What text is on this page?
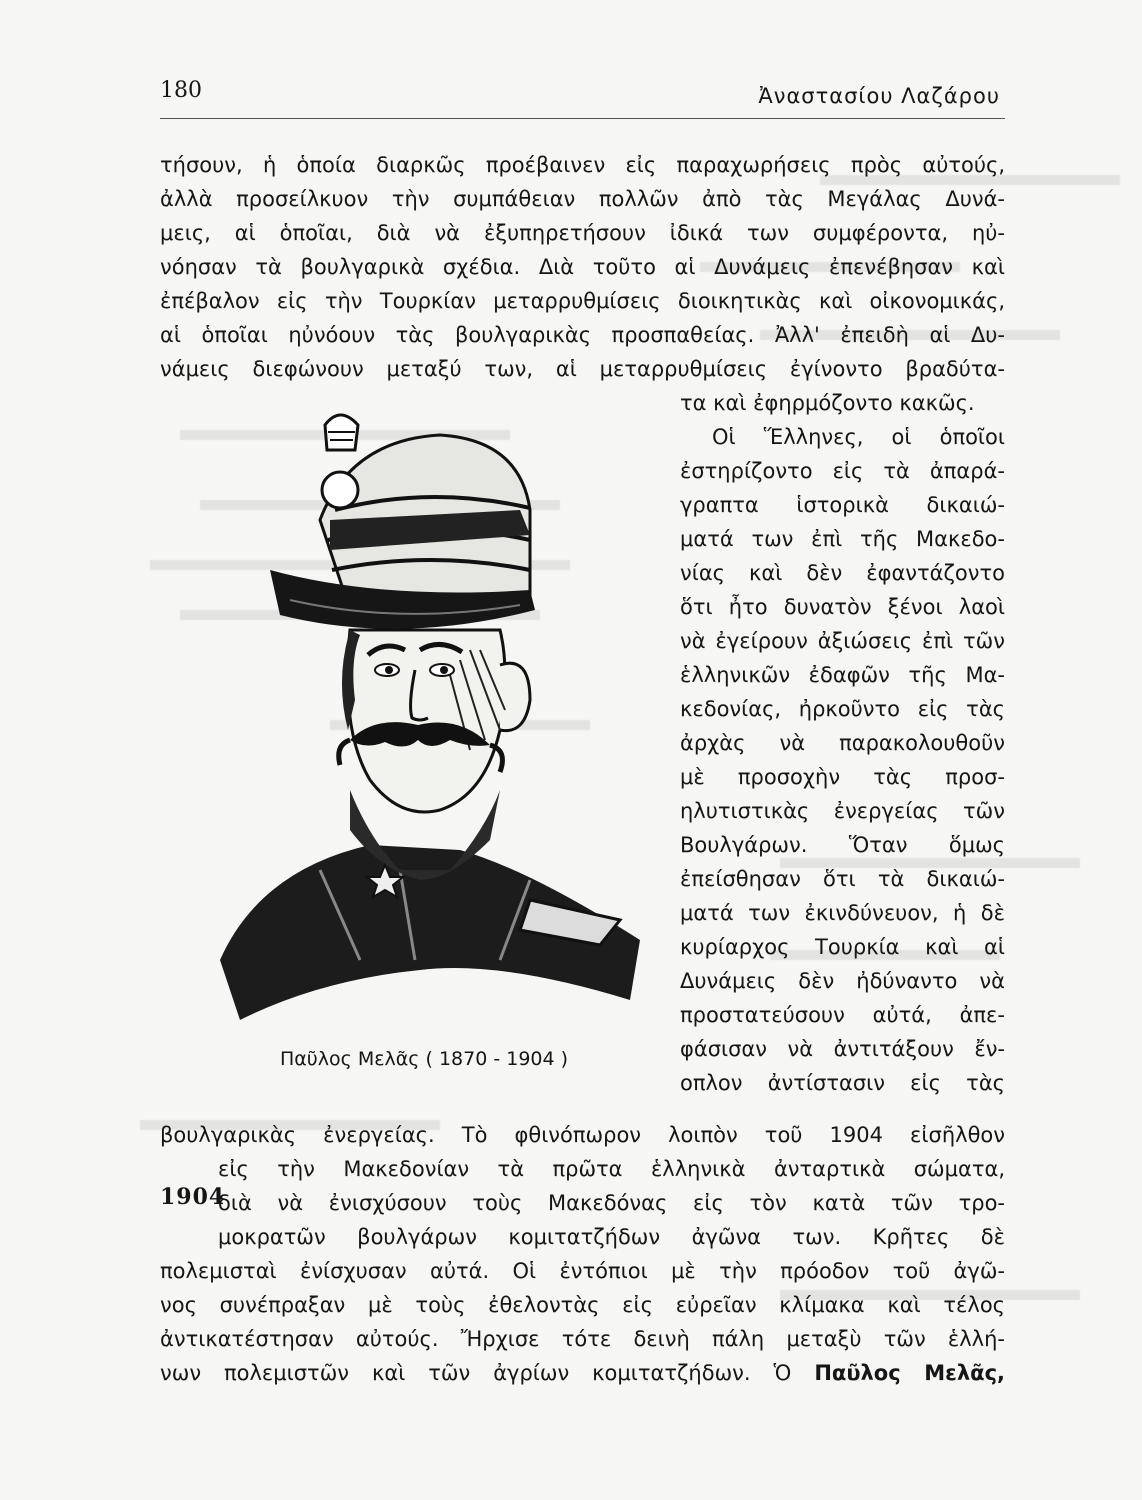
180	Ἀναστασίου Λαζάρου
τήσουν, ἡ ὁποία διαρκῶς προέβαινεν εἰς παραχωρήσεις πρὸς αὐτούς,
ἀλλὰ προσείλκυον τὴν συμπάθειαν πολλῶν ἀπὸ τὰς Μεγάλας Δυνά-
μεις, αἱ ὁποῖαι, διὰ νὰ ἐξυπηρετήσουν ἰδικά των συμφέροντα, ηὐ-
νόησαν τὰ βουλγαρικὰ σχέδια. Διὰ τοῦτο αἱ Δυνάμεις ἐπενέβησαν καὶ
ἐπέβαλον εἰς τὴν Τουρκίαν μεταρρυθμίσεις διοικητικὰς καὶ οἰκονομικάς,
αἱ ὁποῖαι ηὐνόουν τὰς βουλγαρικὰς προσπαθείας. Ἀλλ' ἐπειδὴ αἱ Δυ-
νάμεις διεφώνουν μεταξύ των, αἱ μεταρρυθμίσεις ἐγίνοντο βραδύτα-
τα καὶ ἐφηρμόζοντο κακῶς.
Οἱ Ἕλληνες, οἱ ὁποῖοι
ἐστηρίζοντο εἰς τὰ ἀπαρά-
γραπτα ἱστορικὰ δικαιώ-
ματά των ἐπὶ τῆς Μακεδο-
νίας καὶ δὲν ἐφαντάζοντο
ὅτι ἦτο δυνατὸν ξένοι λαοὶ
νὰ ἐγείρουν ἀξιώσεις ἐπὶ τῶν
ἑλληνικῶν ἐδαφῶν τῆς Μα-
κεδονίας, ἠρκοῦντο εἰς τὰς
ἀρχὰς νὰ παρακολουθοῦν
μὲ προσοχὴν τὰς προσ-
ηλυτιστικὰς ἐνεργείας τῶν
Βουλγάρων. Ὅταν ὅμως
ἐπείσθησαν ὅτι τὰ δικαιώ-
ματά των ἐκινδύνευον, ἡ δὲ
κυρίαρχος Τουρκία καὶ αἱ
Δυνάμεις δὲν ἠδύναντο νὰ
προστατεύσουν αὐτά, ἀπε-
φάσισαν νὰ ἀντιτάξουν ἔν-
οπλον ἀντίστασιν εἰς τὰς
Παῦλος Μελᾶς ( 1870 - 1904 )
βουλγαρικὰς ἐνεργείας. Τὸ φθινόπωρον λοιπὸν τοῦ 1904 εἰσῆλθον
εἰς τὴν Μακεδονίαν τὰ πρῶτα ἑλληνικὰ ἀνταρτικὰ σώματα,
1904
διὰ νὰ ἐνισχύσουν τοὺς Μακεδόνας εἰς τὸν κατὰ τῶν τρο-
μοκρατῶν βουλγάρων κομιτατζήδων ἀγῶνα των. Κρῆτες δὲ
πολεμισταὶ ἐνίσχυσαν αὐτά. Οἱ ἐντόπιοι μὲ τὴν πρόοδον τοῦ ἀγῶ-
νος συνέπραξαν μὲ τοὺς ἐθελοντὰς εἰς εὐρεῖαν κλίμακα καὶ τέλος
ἀντικατέστησαν αὐτούς. Ἤρχισε τότε δεινὴ πάλη μεταξὺ τῶν ἑλλή-
νων πολεμιστῶν καὶ τῶν ἀγρίων κομιτατζήδων. Ὁ Παῦλος Μελᾶς,
